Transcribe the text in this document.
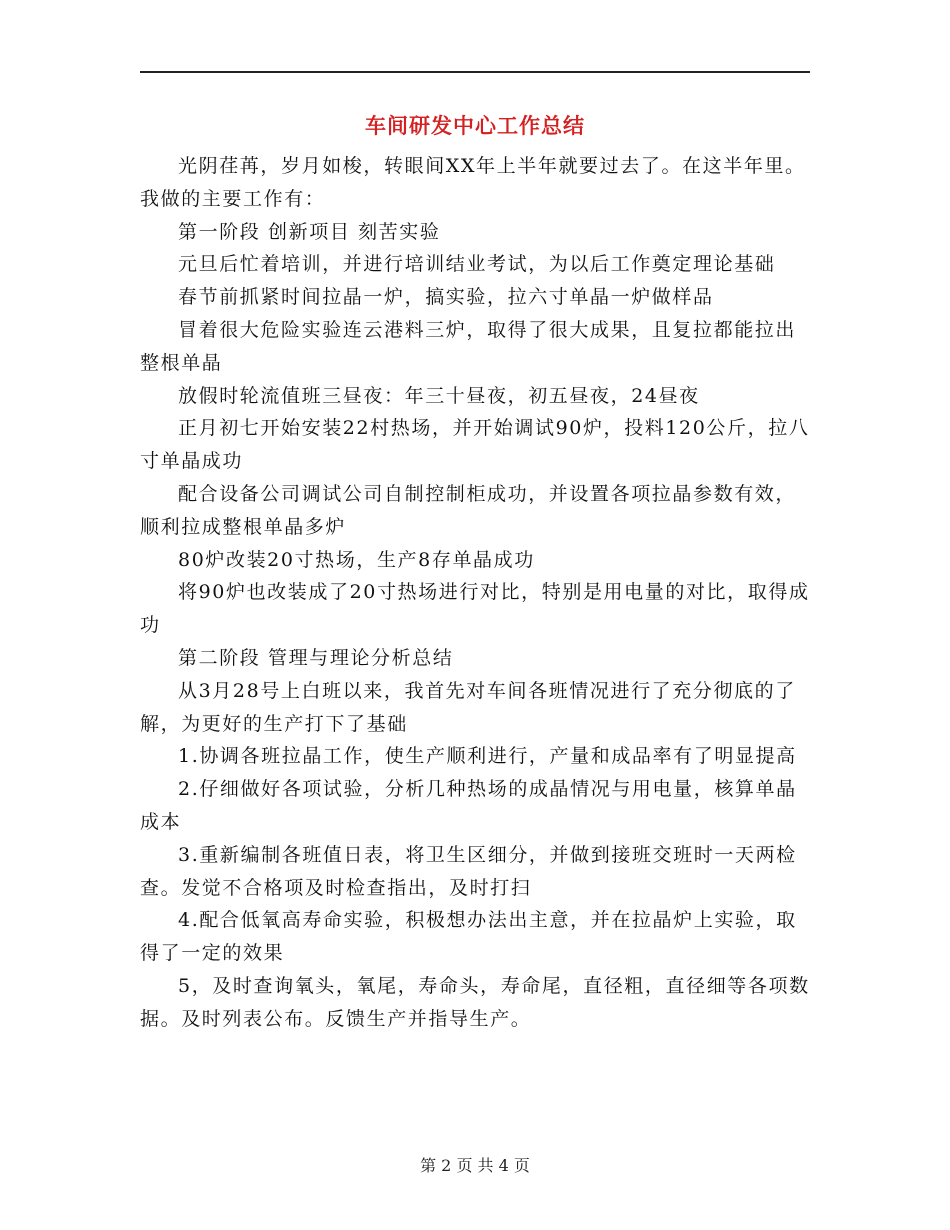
车间研发中心工作总结

光阴荏苒，岁月如梭，转眼间XX年上半年就要过去了。在这半年里。我做的主要工作有：

第一阶段 创新项目 刻苦实验

元旦后忙着培训，并进行培训结业考试，为以后工作奠定理论基础

春节前抓紧时间拉晶一炉，搞实验，拉六寸单晶一炉做样品

冒着很大危险实验连云港料三炉，取得了很大成果，且复拉都能拉出整根单晶

放假时轮流值班三昼夜：年三十昼夜，初五昼夜，24昼夜

正月初七开始安装22村热场，并开始调试90炉，投料120公斤，拉八寸单晶成功

配合设备公司调试公司自制控制柜成功，并设置各项拉晶参数有效，顺利拉成整根单晶多炉

80炉改装20寸热场，生产8存单晶成功

将90炉也改装成了20寸热场进行对比，特别是用电量的对比，取得成功

第二阶段 管理与理论分析总结

从3月28号上白班以来，我首先对车间各班情况进行了充分彻底的了解，为更好的生产打下了基础

1.协调各班拉晶工作，使生产顺利进行，产量和成品率有了明显提高

2.仔细做好各项试验，分析几种热场的成晶情况与用电量，核算单晶成本

3.重新编制各班值日表，将卫生区细分，并做到接班交班时一天两检查。发觉不合格项及时检查指出，及时打扫

4.配合低氧高寿命实验，积极想办法出主意，并在拉晶炉上实验，取得了一定的效果

5，及时查询氧头，氧尾，寿命头，寿命尾，直径粗，直径细等各项数据。及时列表公布。反馈生产并指导生产。

第 2 页 共 4 页
